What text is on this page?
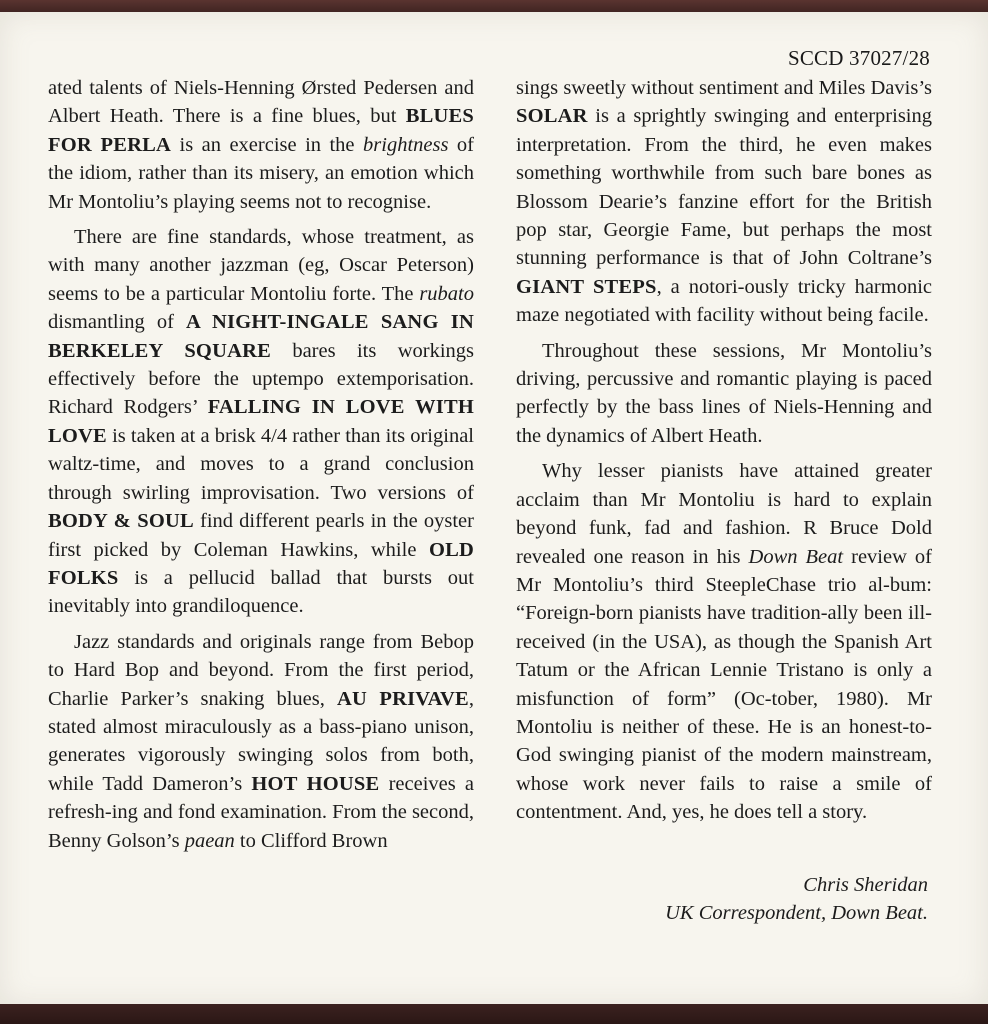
SCCD 37027/28

ated talents of Niels-Henning Ørsted Pedersen and Albert Heath. There is a fine blues, but BLUES FOR PERLA is an exercise in the brightness of the idiom, rather than its misery, an emotion which Mr Montoliu’s playing seems not to recognise.

There are fine standards, whose treatment, as with many another jazzman (eg, Oscar Peterson) seems to be a particular Montoliu forte. The rubato dismantling of A NIGHT-INGALE SANG IN BERKELEY SQUARE bares its workings effectively before the uptempo extemporisation. Richard Rodgers’ FALLING IN LOVE WITH LOVE is taken at a brisk 4/4 rather than its original waltz-time, and moves to a grand conclusion through swirling improvisation. Two versions of BODY & SOUL find different pearls in the oyster first picked by Coleman Hawkins, while OLD FOLKS is a pellucid ballad that bursts out inevitably into grandiloquence.

Jazz standards and originals range from Bebop to Hard Bop and beyond. From the first period, Charlie Parker’s snaking blues, AU PRIVAVE, stated almost miraculously as a bass-piano unison, generates vigorously swinging solos from both, while Tadd Dameron’s HOT HOUSE receives a refresh-ing and fond examination. From the second, Benny Golson’s paean to Clifford Brown

sings sweetly without sentiment and Miles Davis’s SOLAR is a sprightly swinging and enterprising interpretation. From the third, he even makes something worthwhile from such bare bones as Blossom Dearie’s fanzine effort for the British pop star, Georgie Fame, but perhaps the most stunning performance is that of John Coltrane’s GIANT STEPS, a notori-ously tricky harmonic maze negotiated with facility without being facile.

Throughout these sessions, Mr Montoliu’s driving, percussive and romantic playing is paced perfectly by the bass lines of Niels-Henning and the dynamics of Albert Heath.

Why lesser pianists have attained greater acclaim than Mr Montoliu is hard to explain beyond funk, fad and fashion. R Bruce Dold revealed one reason in his Down Beat review of Mr Montoliu’s third SteepleChase trio al-bum: “Foreign-born pianists have tradition-ally been ill-received (in the USA), as though the Spanish Art Tatum or the African Lennie Tristano is only a misfunction of form” (Oc-tober, 1980). Mr Montoliu is neither of these. He is an honest-to-God swinging pianist of the modern mainstream, whose work never fails to raise a smile of contentment. And, yes, he does tell a story.

Chris Sheridan
UK Correspondent, Down Beat.
